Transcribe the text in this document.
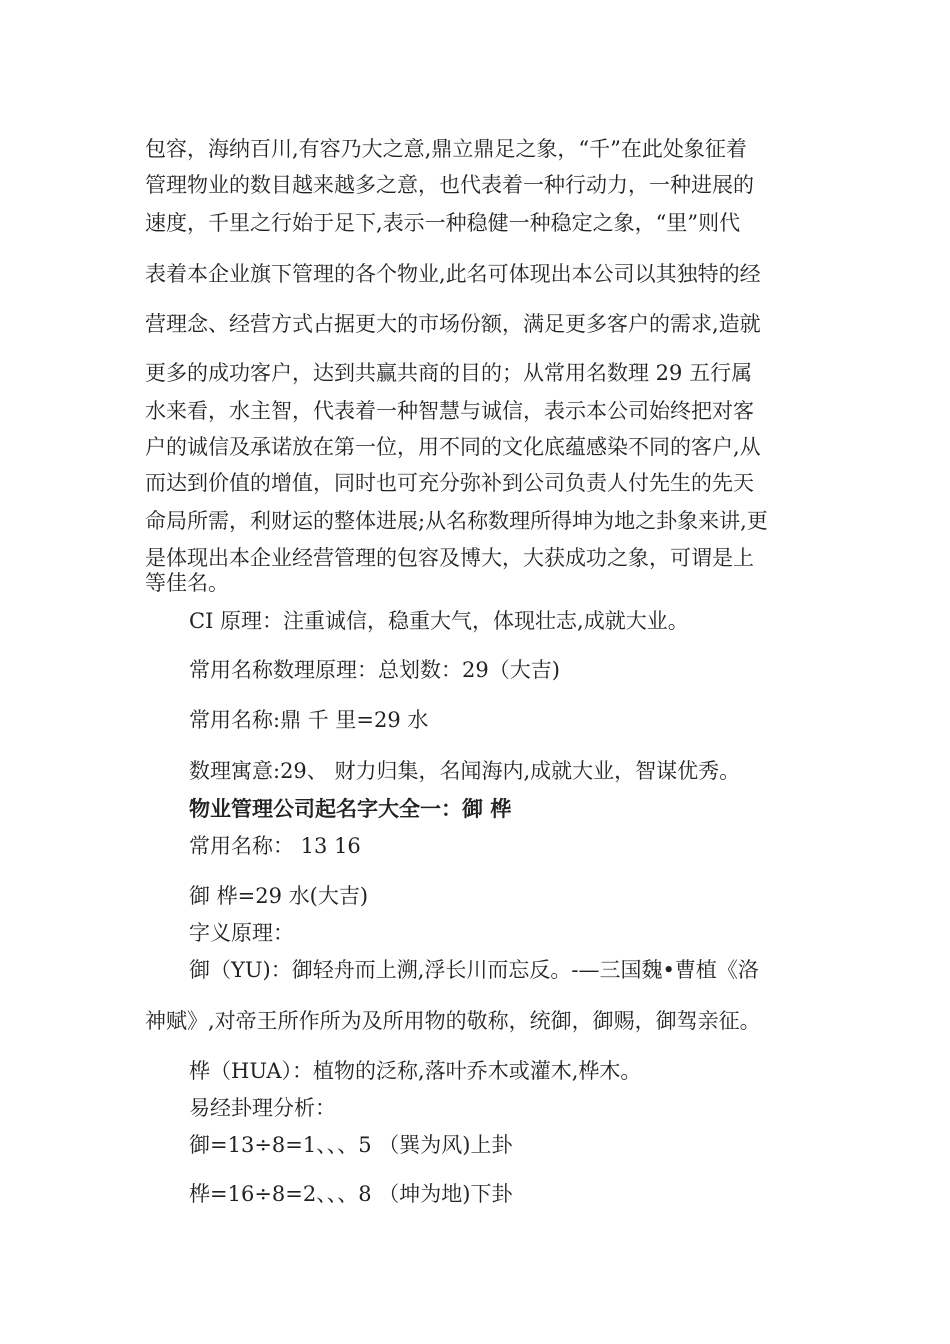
包容，海纳百川,有容乃大之意,鼎立鼎足之象，“千”在此处象征着
管理物业的数目越来越多之意，也代表着一种行动力，一种进展的
速度，千里之行始于足下,表示一种稳健一种稳定之象，“里”则代
表着本企业旗下管理的各个物业,此名可体现出本公司以其独特的经
营理念、经营方式占据更大的市场份额，满足更多客户的需求,造就
更多的成功客户，达到共赢共商的目的；从常用名数理 29 五行属
水来看，水主智，代表着一种智慧与诚信，表示本公司始终把对客
户的诚信及承诺放在第一位，用不同的文化底蕴感染不同的客户,从
而达到价值的增值，同时也可充分弥补到公司负责人付先生的先天
命局所需，利财运的整体进展;从名称数理所得坤为地之卦象来讲,更
是体现出本企业经营管理的包容及博大，大获成功之象，可谓是上
等佳名。
CI 原理：注重诚信，稳重大气，体现壮志,成就大业。
常用名称数理原理：总划数：29（大吉)
常用名称:鼎 千 里=29 水
数理寓意:29、 财力归集，名闻海内,成就大业，智谋优秀。
物业管理公司起名字大全一：御 桦
常用名称： 13 16
御 桦=29 水(大吉)
字义原理：
御（YU)：御轻舟而上溯,浮长川而忘反。-—三国魏•曹植《洛
神赋》,对帝王所作所为及所用物的敬称，统御，御赐，御驾亲征。
桦（HUA）：植物的泛称,落叶乔木或灌木,桦木。
易经卦理分析：
御=13÷8=1、、、5 （巽为风)上卦
桦=16÷8=2、、、8 （坤为地)下卦
